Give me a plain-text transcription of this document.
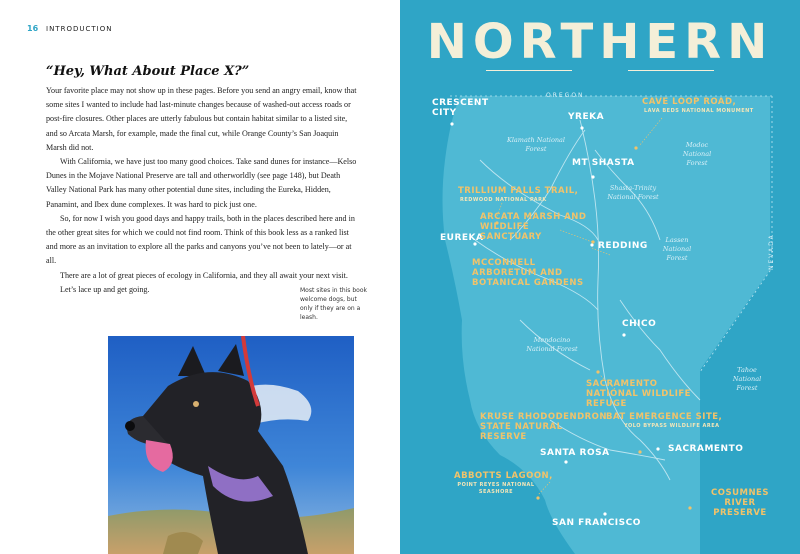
16 INTRODUCTION
“Hey, What About Place X?”

Your favorite place may not show up in these pages. Before you send an angry email, know that some sites I wanted to include had last-minute changes because of washed-out access roads or post-fire closures. Other places are utterly fabulous but contain habitat similar to a listed site, and so Arcata Marsh, for example, made the final cut, while Orange County’s San Joaquin Marsh did not.

With California, we have just too many good choices. Take sand dunes for instance—Kelso Dunes in the Mojave National Preserve are tall and otherworldly (see page 148), but Death Valley National Park has many other potential dune sites, including the Eureka, Hidden, Panamint, and Ibex dune complexes. It was hard to pick just one.

So, for now I wish you good days and happy trails, both in the places described here and in the other great sites for which we could not find room. Think of this book less as a ranked list and more as an invitation to explore all the parks and canyons you’ve not been to lately—or at all.

There are a lot of great pieces of ecology in California, and they all await your next visit.

Let’s lace up and get going.	Most sites in this book welcome dogs, but only if they are on a leash.
NORTHERN
OREGON
NEVADA
CRESCENT CITY	YREKA
MT SHASTA
EUREKA
REDDING
CHICO
SANTA ROSA	SACRAMENTO
SAN FRANCISCO
CAVE LOOP ROAD,
LAVA BEDS NATIONAL MONUMENT
TRILLIUM FALLS TRAIL,
REDWOOD NATIONAL PARK
ARCATA MARSH AND WILDLIFE SANCTUARY
MCCONNELL ARBORETUM AND BOTANICAL GARDENS
SACRAMENTO NATIONAL WILDLIFE REFUGE
KRUSE RHODODENDRON STATE NATURAL RESERVE
BAT EMERGENCE SITE,
YOLO BYPASS WILDLIFE AREA
ABBOTTS LAGOON,
POINT REYES NATIONAL SEASHORE	COSUMNES RIVER PRESERVE
Klamath National Forest	Modoc National Forest
Shasta-Trinity National Forest
Lassen National Forest
Mendocino National Forest
Tahoe National Forest
